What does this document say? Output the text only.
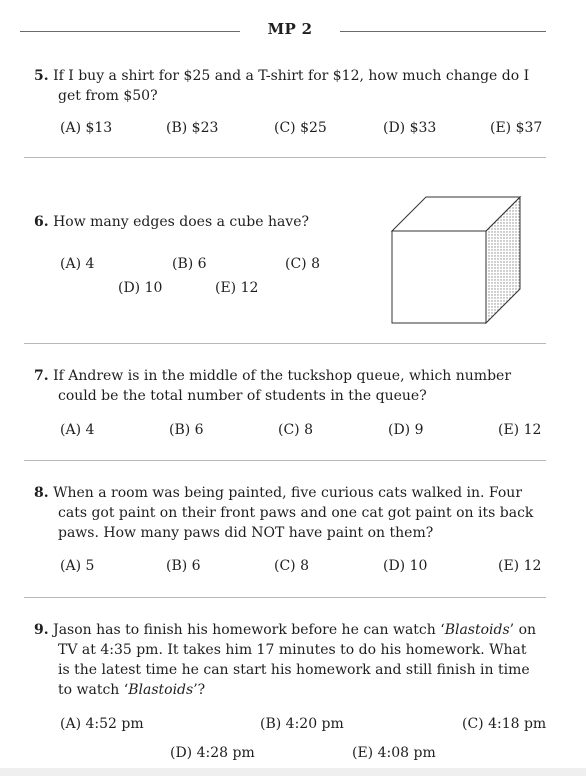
MP 2
5. If I buy a shirt for $25 and a T-shirt for $12, how much change do I
get from $50?
(A) $13	(B) $23	(C) $25	(D) $33	(E) $37
6. How many edges does a cube have?
(A) 4	(B) 6	(C) 8
(D) 10	(E) 12
7. If Andrew is in the middle of the tuckshop queue, which number
could be the total number of students in the queue?
(A) 4	(B) 6	(C) 8	(D) 9	(E) 12
8. When a room was being painted, five curious cats walked in. Four
cats got paint on their front paws and one cat got paint on its back
paws. How many paws did NOT have paint on them?
(A) 5	(B) 6	(C) 8	(D) 10	(E) 12
9. Jason has to finish his homework before he can watch ‘Blastoids’ on
TV at 4:35 pm. It takes him 17 minutes to do his homework. What
is the latest time he can start his homework and still finish in time
to watch ‘Blastoids’?
(A) 4:52 pm	(B) 4:20 pm	(C) 4:18 pm
(D) 4:28 pm	(E) 4:08 pm
